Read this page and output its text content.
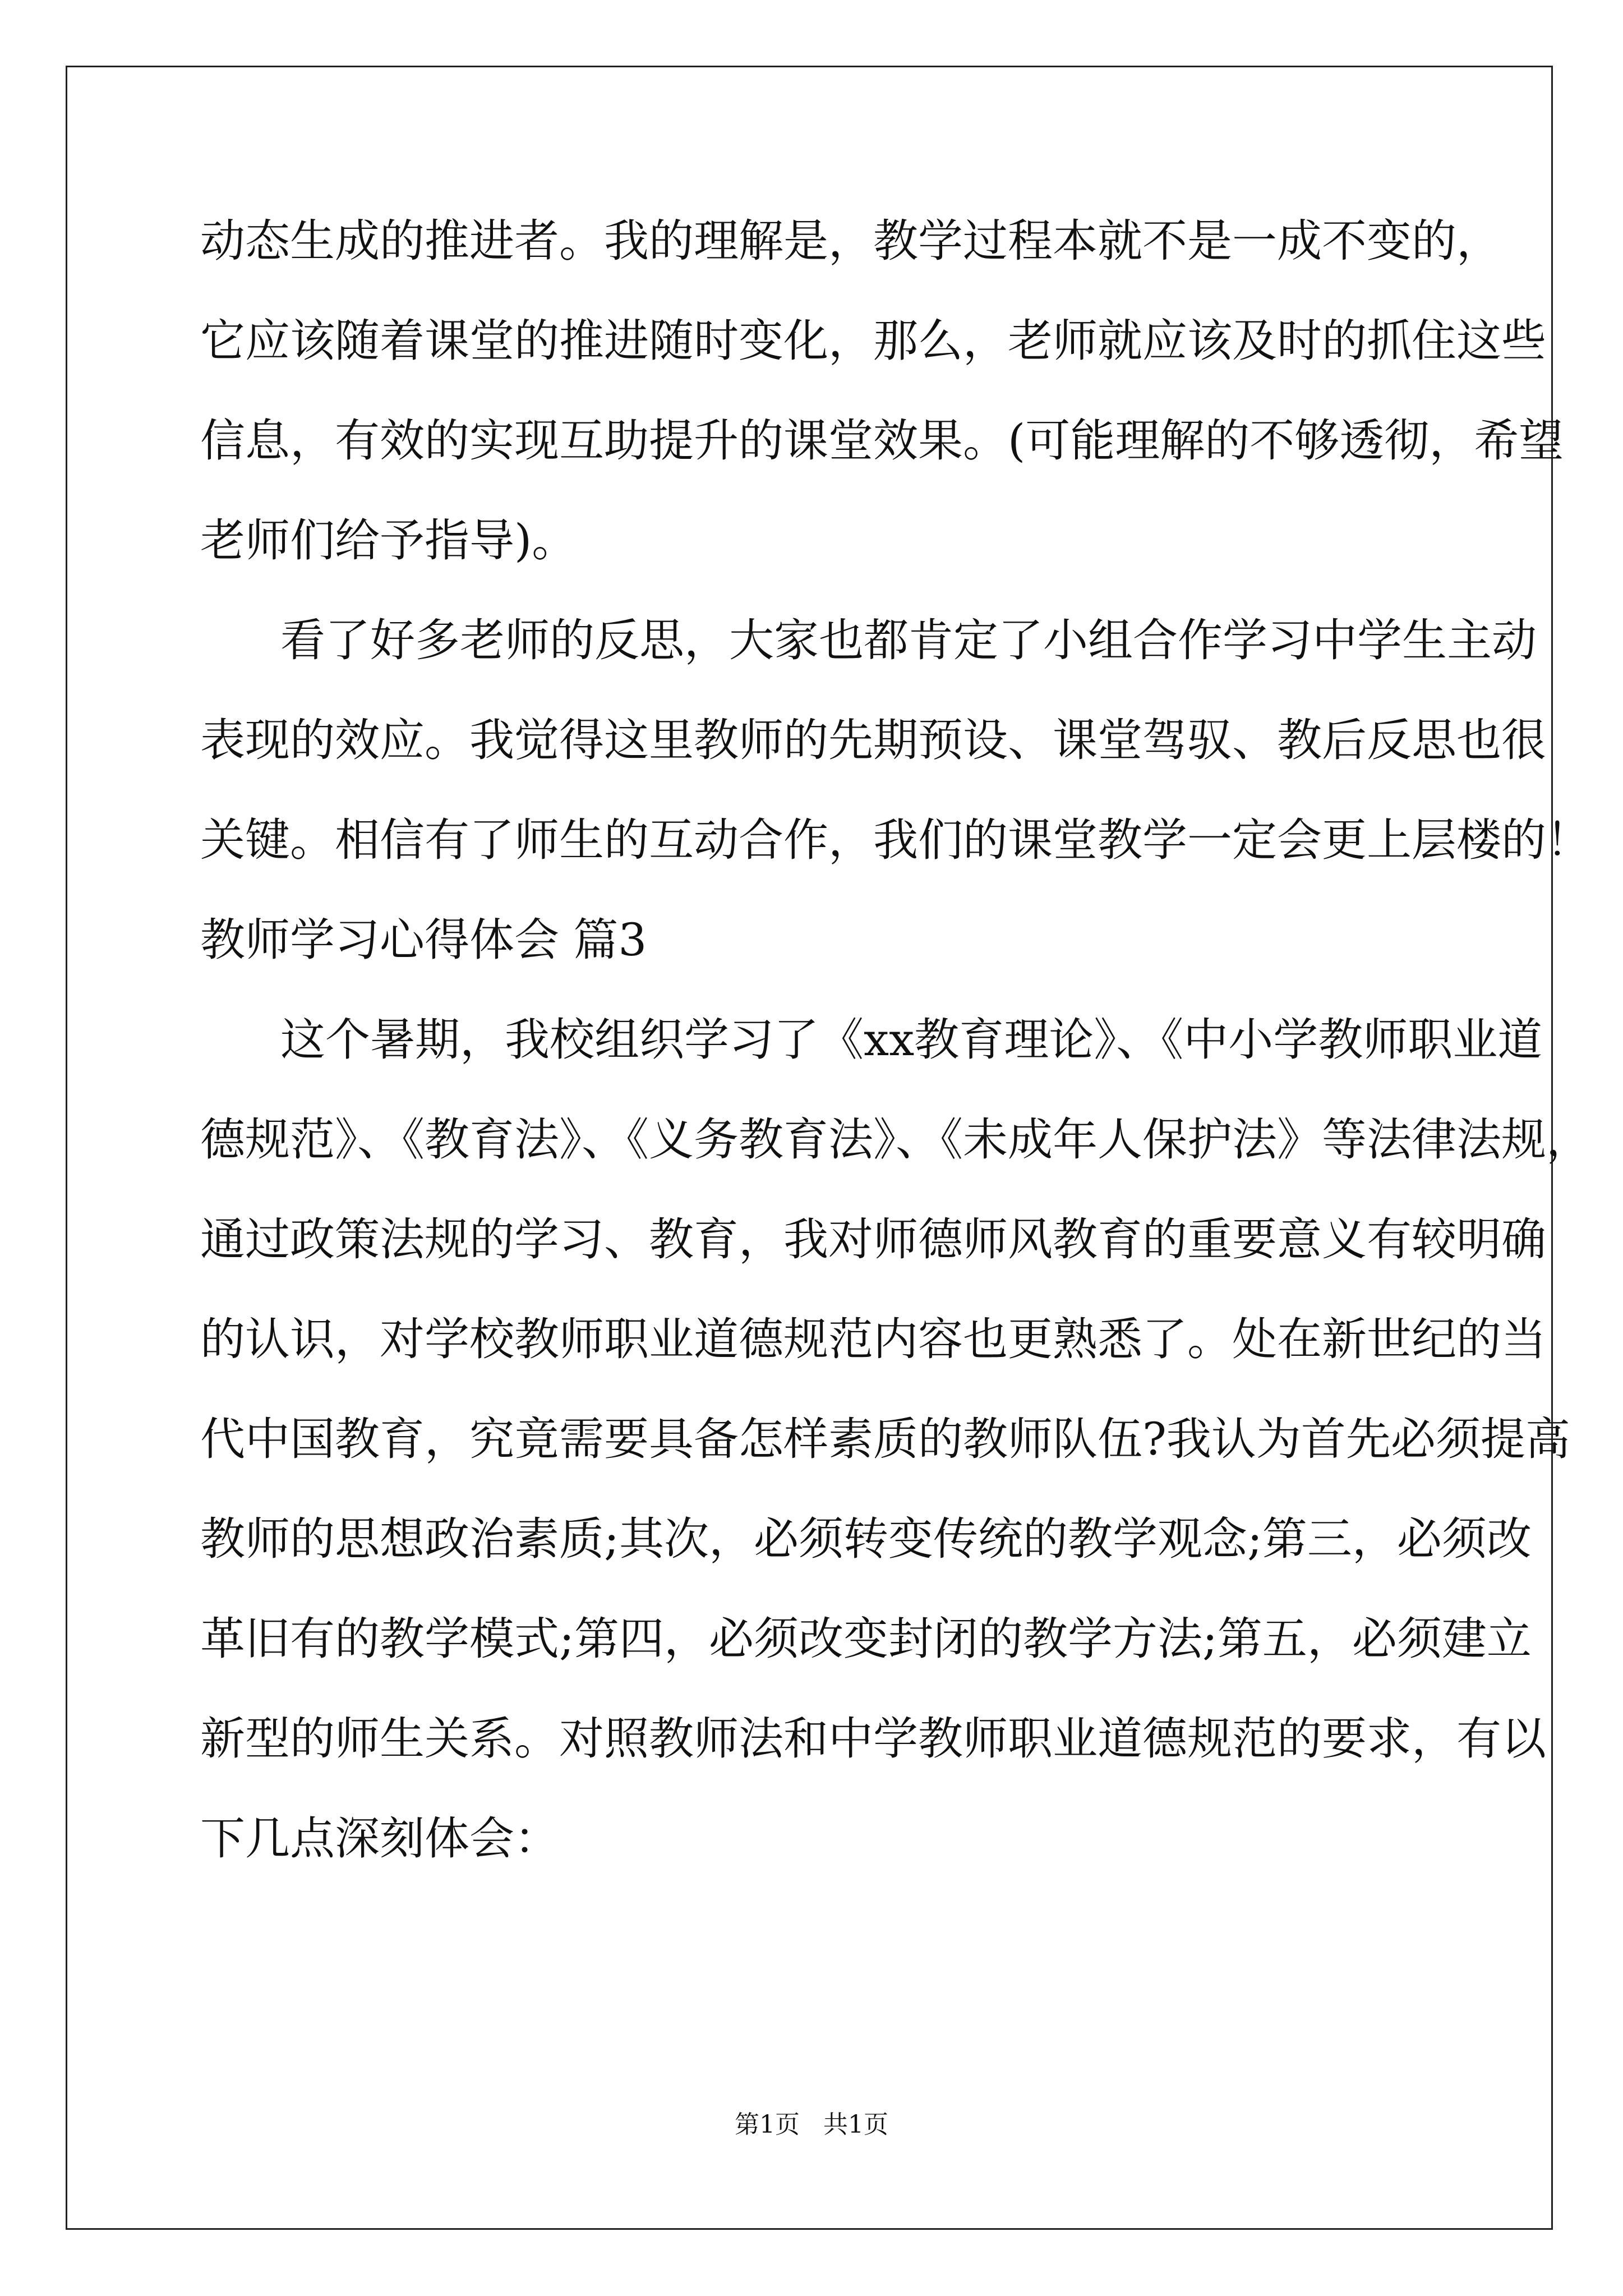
动态生成的推进者。我的理解是，教学过程本就不是一成不变的，

它应该随着课堂的推进随时变化，那么，老师就应该及时的抓住这些

信息，有效的实现互助提升的课堂效果。(可能理解的不够透彻，希望

老师们给予指导)。

看了好多老师的反思，大家也都肯定了小组合作学习中学生主动

表现的效应。我觉得这里教师的先期预设、课堂驾驭、教后反思也很

关键。相信有了师生的互动合作，我们的课堂教学一定会更上层楼的！

教师学习心得体会 篇3

这个暑期，我校组织学习了《xx教育理论》、《中小学教师职业道

德规范》、《教育法》、《义务教育法》、《未成年人保护法》等法律法规，

通过政策法规的学习、教育，我对师德师风教育的重要意义有较明确

的认识，对学校教师职业道德规范内容也更熟悉了。处在新世纪的当

代中国教育，究竟需要具备怎样素质的教师队伍?我认为首先必须提高

教师的思想政治素质;其次，必须转变传统的教学观念;第三，必须改

革旧有的教学模式;第四，必须改变封闭的教学方法;第五，必须建立

新型的师生关系。对照教师法和中学教师职业道德规范的要求，有以

下几点深刻体会：

第1页   共1页
